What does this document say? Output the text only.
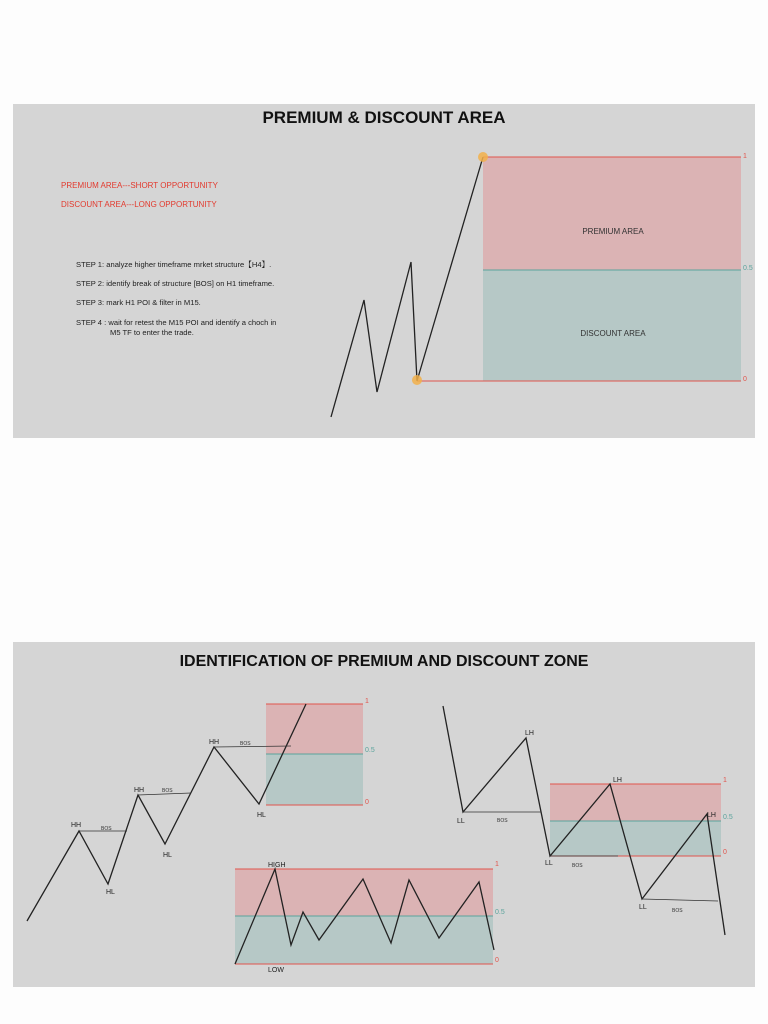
PREMIUM & DISCOUNT AREA
PREMIUM AREA---SHORT OPPORTUNITY
DISCOUNT AREA---LONG OPPORTUNITY
STEP 1: analyze higher timeframe mrket structure【H4】.
STEP 2: identify break of structure [BOS] on H1 timeframe.
STEP 3: mark H1 POI & filter in M15.
STEP 4 : wait for retest the M15 POI and identify a choch in
M5 TF to enter the trade.
PREMIUM AREA
DISCOUNT AREA
1
0.5
0
IDENTIFICATION OF PREMIUM AND DISCOUNT ZONE
1
0.5
0
HH	BOS
HL
HH	BOS
HL
HH	BOS
HL
1
0.5
0
HIGH
LOW
1
0.5
0
LL	BOS
LH
LL	BOS
LH
LL	BOS
LH
